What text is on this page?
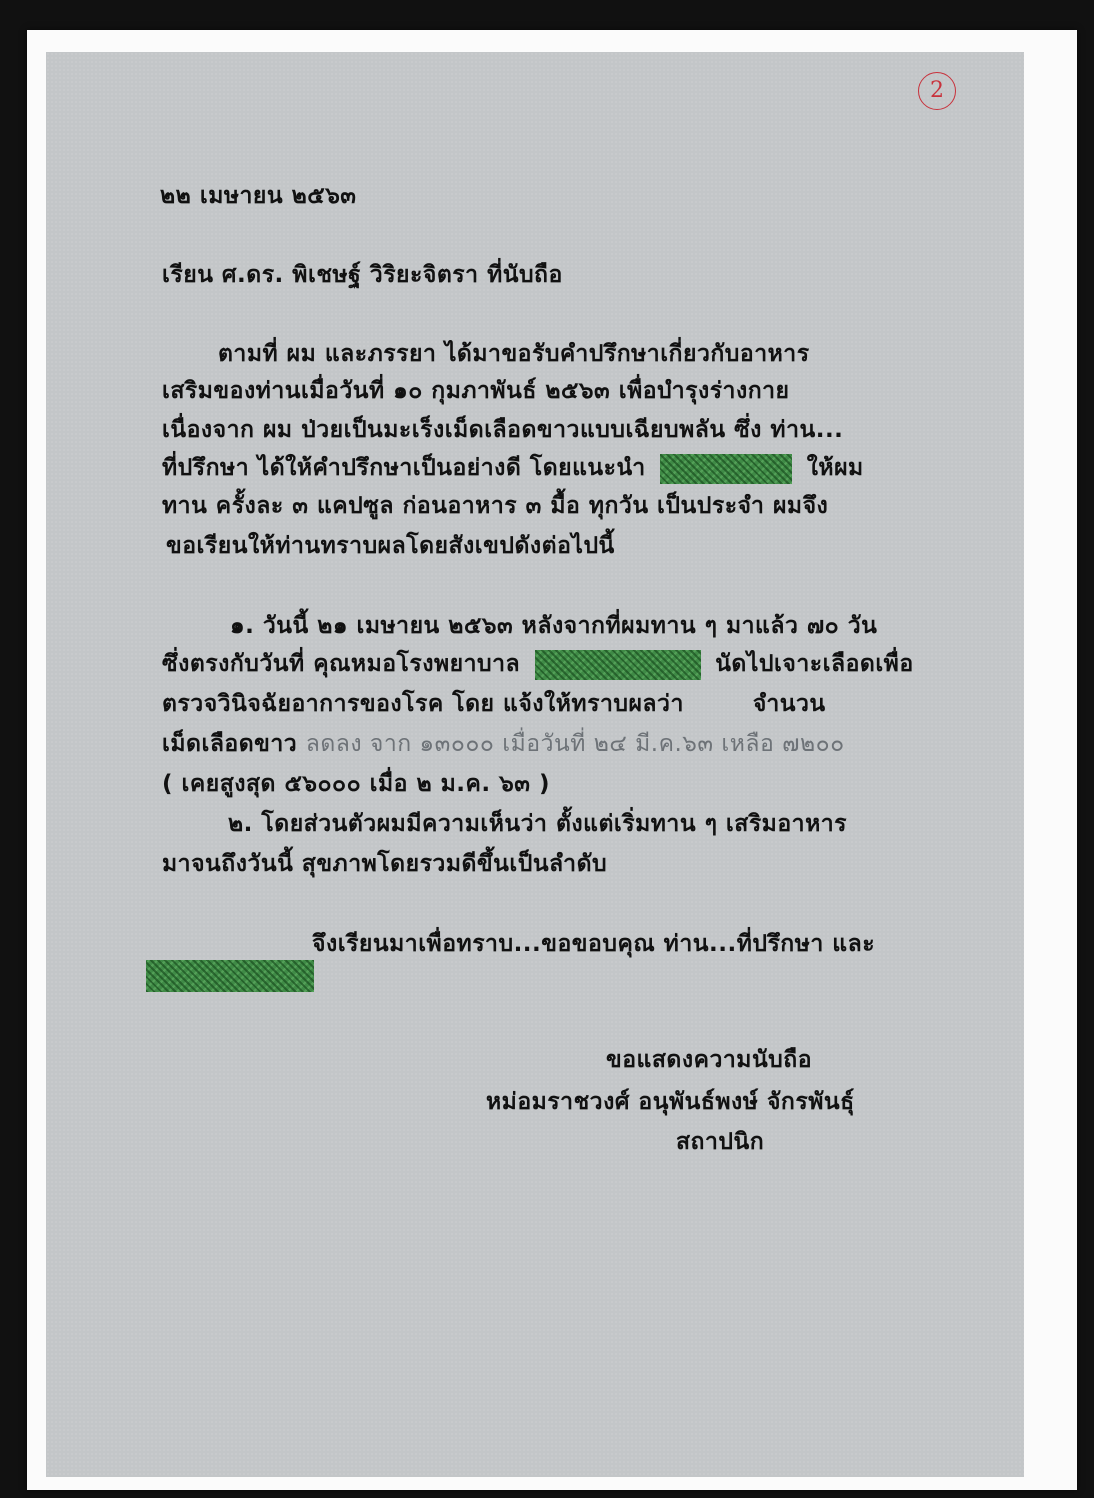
2
๒๒ เมษายน ๒๕๖๓
เรียน ศ.ดร. พิเชษฐ์ วิริยะจิตรา ที่นับถือ
ตามที่ ผม และภรรยา ได้มาขอรับคำปรึกษาเกี่ยวกับอาหาร
เสริมของท่านเมื่อวันที่ ๑๐ กุมภาพันธ์ ๒๕๖๓ เพื่อบำรุงร่างกาย
เนื่องจาก ผม ป่วยเป็นมะเร็งเม็ดเลือดขาวแบบเฉียบพลัน ซึ่ง ท่าน...
ที่ปรึกษา ได้ให้คำปรึกษาเป็นอย่างดี โดยแนะนำ	ให้ผม
ทาน ครั้งละ ๓ แคปซูล ก่อนอาหาร ๓ มื้อ ทุกวัน เป็นประจำ ผมจึง
ขอเรียนให้ท่านทราบผลโดยสังเขปดังต่อไปนี้
๑. วันนี้ ๒๑ เมษายน ๒๕๖๓ หลังจากที่ผมทาน ๆ มาแล้ว ๗๐ วัน
ซึ่งตรงกับวันที่ คุณหมอโรงพยาบาล	นัดไปเจาะเลือดเพื่อ
ตรวจวินิจฉัยอาการของโรค โดย แจ้งให้ทราบผลว่า	จำนวน
เม็ดเลือดขาว ลดลง จาก ๑๓๐๐๐ เมื่อวันที่ ๒๔ มี.ค.๖๓ เหลือ ๗๒๐๐
( เคยสูงสุด ๕๖๐๐๐ เมื่อ ๒ ม.ค. ๖๓ )
๒. โดยส่วนตัวผมมีความเห็นว่า ตั้งแต่เริ่มทาน ๆ เสริมอาหาร
มาจนถึงวันนี้ สุขภาพโดยรวมดีขึ้นเป็นลำดับ
จึงเรียนมาเพื่อทราบ...ขอขอบคุณ ท่าน...ที่ปรึกษา และ
ขอแสดงความนับถือ
หม่อมราชวงศ์ อนุพันธ์พงษ์ จักรพันธุ์
สถาปนิก
